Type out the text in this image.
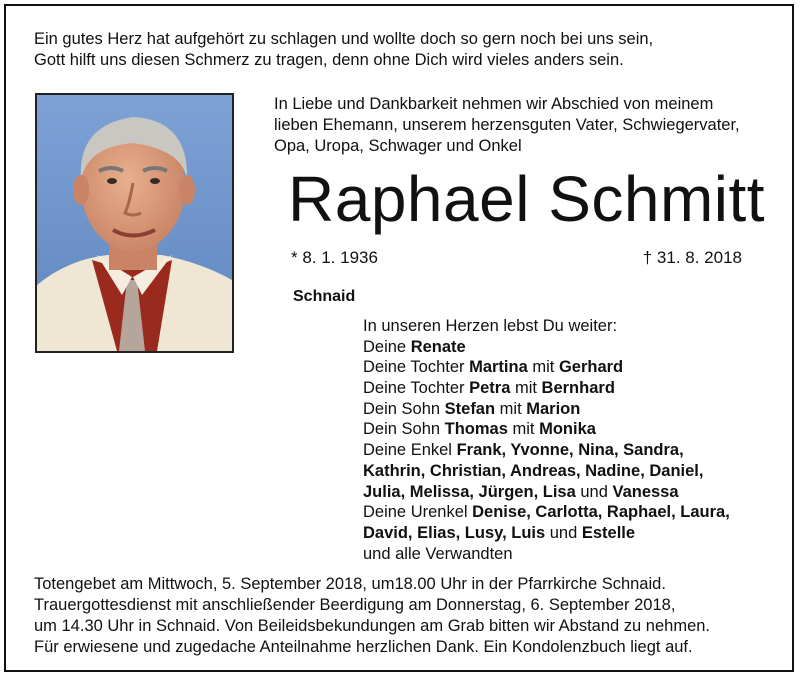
Ein gutes Herz hat aufgehört zu schlagen und wollte doch so gern noch bei uns sein,
Gott hilft uns diesen Schmerz zu tragen, denn ohne Dich wird vieles anders sein.
In Liebe und Dankbarkeit nehmen wir Abschied von meinem
lieben Ehemann, unserem herzensguten Vater, Schwiegervater,
Opa, Uropa, Schwager und Onkel
Raphael Schmitt
* 8. 1. 1936	† 31. 8. 2018
Schnaid
In unseren Herzen lebst Du weiter:
Deine Renate
Deine Tochter Martina mit Gerhard
Deine Tochter Petra mit Bernhard
Dein Sohn Stefan mit Marion
Dein Sohn Thomas mit Monika
Deine Enkel Frank, Yvonne, Nina, Sandra,
Kathrin, Christian, Andreas, Nadine, Daniel,
Julia, Melissa, Jürgen, Lisa und Vanessa
Deine Urenkel Denise, Carlotta, Raphael, Laura,
David, Elias, Lusy, Luis und Estelle
und alle Verwandten
Totengebet am Mittwoch, 5. September 2018, um18.00 Uhr in der Pfarrkirche Schnaid.
Trauergottesdienst mit anschließender Beerdigung am Donnerstag, 6. September 2018,
um 14.30 Uhr in Schnaid. Von Beileidsbekundungen am Grab bitten wir Abstand zu nehmen.
Für erwiesene und zugedache Anteilnahme herzlichen Dank. Ein Kondolenzbuch liegt auf.
